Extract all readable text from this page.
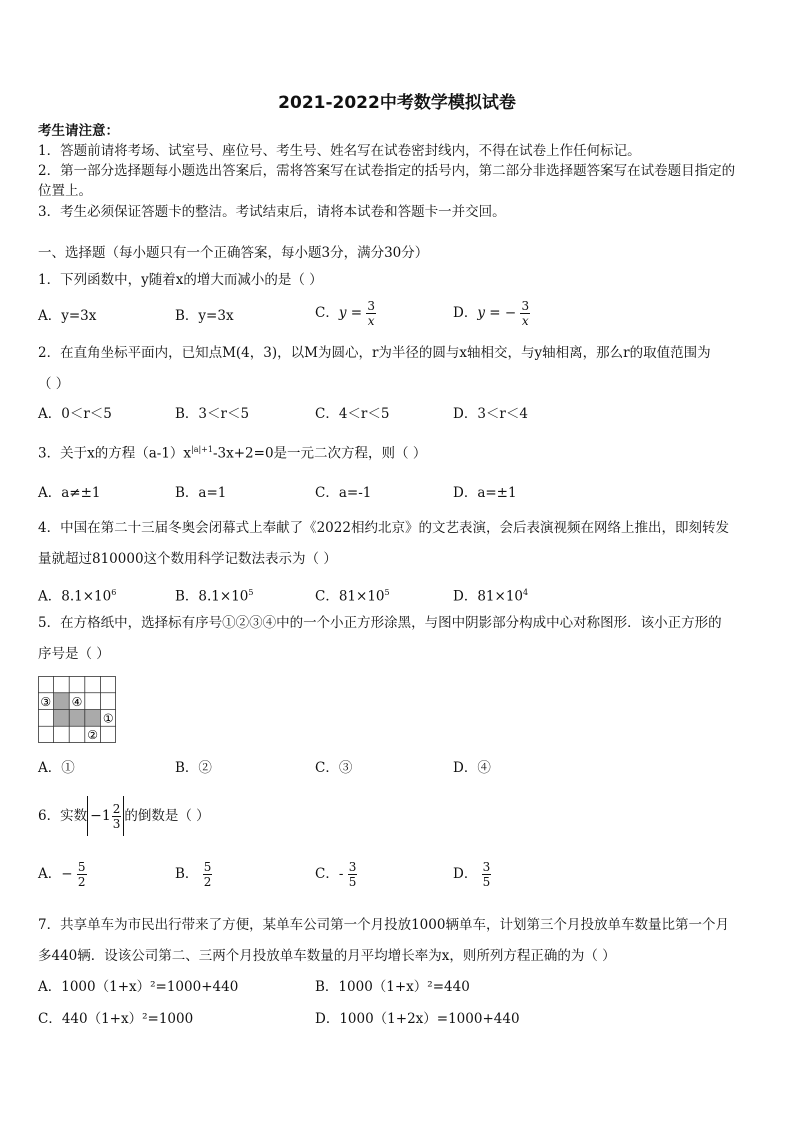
2021-2022中考数学模拟试卷
考生请注意：
1．答题前请将考场、试室号、座位号、考生号、姓名写在试卷密封线内，不得在试卷上作任何标记。
2．第一部分选择题每小题选出答案后，需将答案写在试卷指定的括号内，第二部分非选择题答案写在试卷题目指定的
位置上。
3．考生必须保证答题卡的整洁。考试结束后，请将本试卷和答题卡一并交回。
一、选择题（每小题只有一个正确答案，每小题3分，满分30分）
1．下列函数中，y随着x的增大而减小的是（ ）
A．y=3x	B．y=3x	C．$y = \frac{3}{x}$	D．y = − $\frac{3}{x}$
2．在直角坐标平面内，已知点M(4，3)，以M为圆心，r为半径的圆与x轴相交，与y轴相离，那么r的取值范围为
（ ）
A．0＜r＜5	B．3＜r＜5	C．4＜r＜5	D．3＜r＜4
3．关于x的方程$(a-1)x^{|a|+1}-3x+2=0$是一元二次方程，则（ ）
A．a≠±1	B．a=1	C．a=-1	D．a=±1
4．中国在第二十三届冬奥会闭幕式上奉献了《2022相约北京》的文艺表演，会后表演视频在网络上推出，即刻转发
量就超过810000这个数用科学记数法表示为（ ）
A．$8.1\times 10^6$	B．$8.1\times 10^5$	C．$81\times 10^5$	D．$81\times 10^4$
5．在方格纸中，选择标有序号①②③④中的一个小正方形涂黑，与图中阴影部分构成中心对称图形．该小正方形的
序号是（ ）
③ ④
①
②
A．①	B．②	C．③	D．④
6．实数 $-1 \frac{2}{3}$ 的倒数是（ ）
A．− $\frac{5}{2}$	B． $\frac{5}{2}$	C．- $\frac{3}{5}$	D． $\frac{3}{5}$
7．共享单车为市民出行带来了方便，某单车公司第一个月投放1000辆单车，计划第三个月投放单车数量比第一个月
多440辆．设该公司第二、三两个月投放单车数量的月平均增长率为x，则所列方程正确的为（ ）
A．1000（1+x）²=1000+440	B．1000（1+x）²=440
C．440（1+x）²=1000	D．1000（1+2x）=1000+440
